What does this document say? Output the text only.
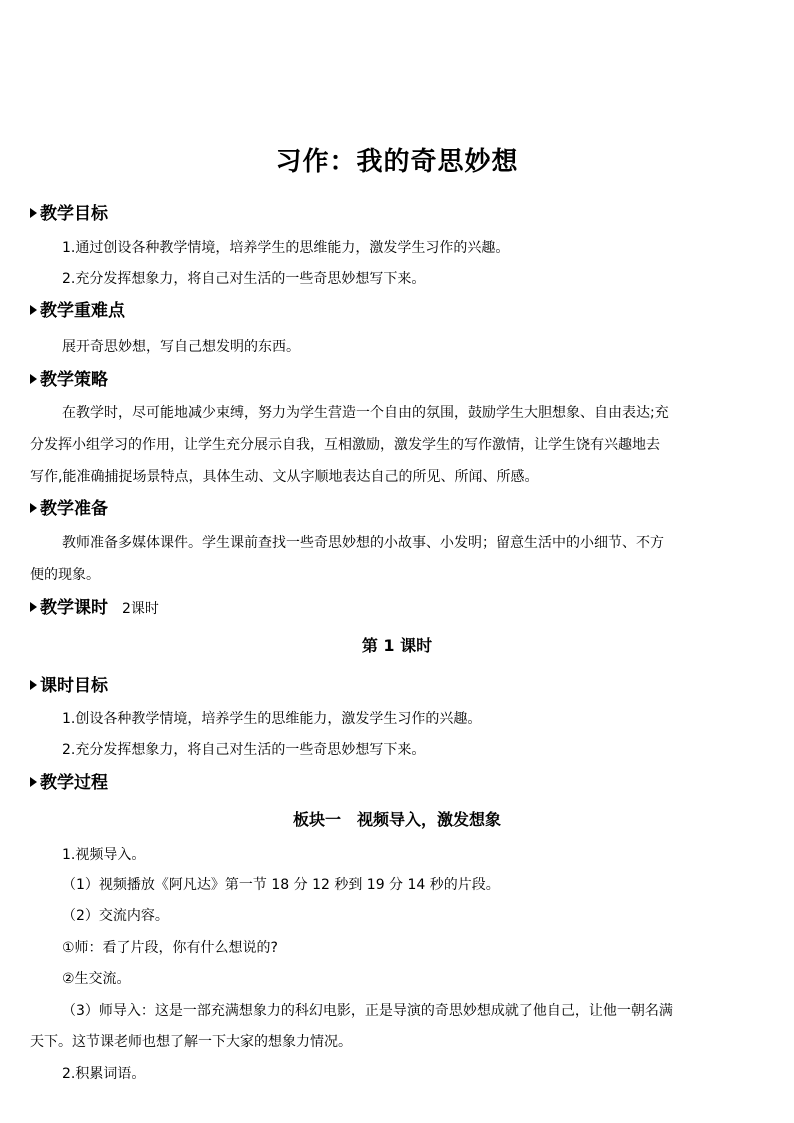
习作：我的奇思妙想
教学目标
1.通过创设各种教学情境，培养学生的思维能力，激发学生习作的兴趣。
2.充分发挥想象力，将自己对生活的一些奇思妙想写下来。
教学重难点
展开奇思妙想，写自己想发明的东西。
教学策略
在教学时，尽可能地减少束缚，努力为学生营造一个自由的氛围，鼓励学生大胆想象、自由表达;充
分发挥小组学习的作用，让学生充分展示自我，互相激励，激发学生的写作激情，让学生饶有兴趣地去
写作,能准确捕捉场景特点，具体生动、文从字顺地表达自己的所见、所闻、所感。
教学准备
教师准备多媒体课件。学生课前查找一些奇思妙想的小故事、小发明；留意生活中的小细节、不方
便的现象。
教学课时 2课时
第 1 课时
课时目标
1.创设各种教学情境，培养学生的思维能力，激发学生习作的兴趣。
2.充分发挥想象力，将自己对生活的一些奇思妙想写下来。
教学过程
板块一　视频导入，激发想象
1.视频导入。
（1）视频播放《阿凡达》第一节 18 分 12 秒到 19 分 14 秒的片段。
（2）交流内容。
①师：看了片段，你有什么想说的?
②生交流。
（3）师导入：这是一部充满想象力的科幻电影，正是导演的奇思妙想成就了他自己，让他一朝名满
天下。这节课老师也想了解一下大家的想象力情况。
2.积累词语。
